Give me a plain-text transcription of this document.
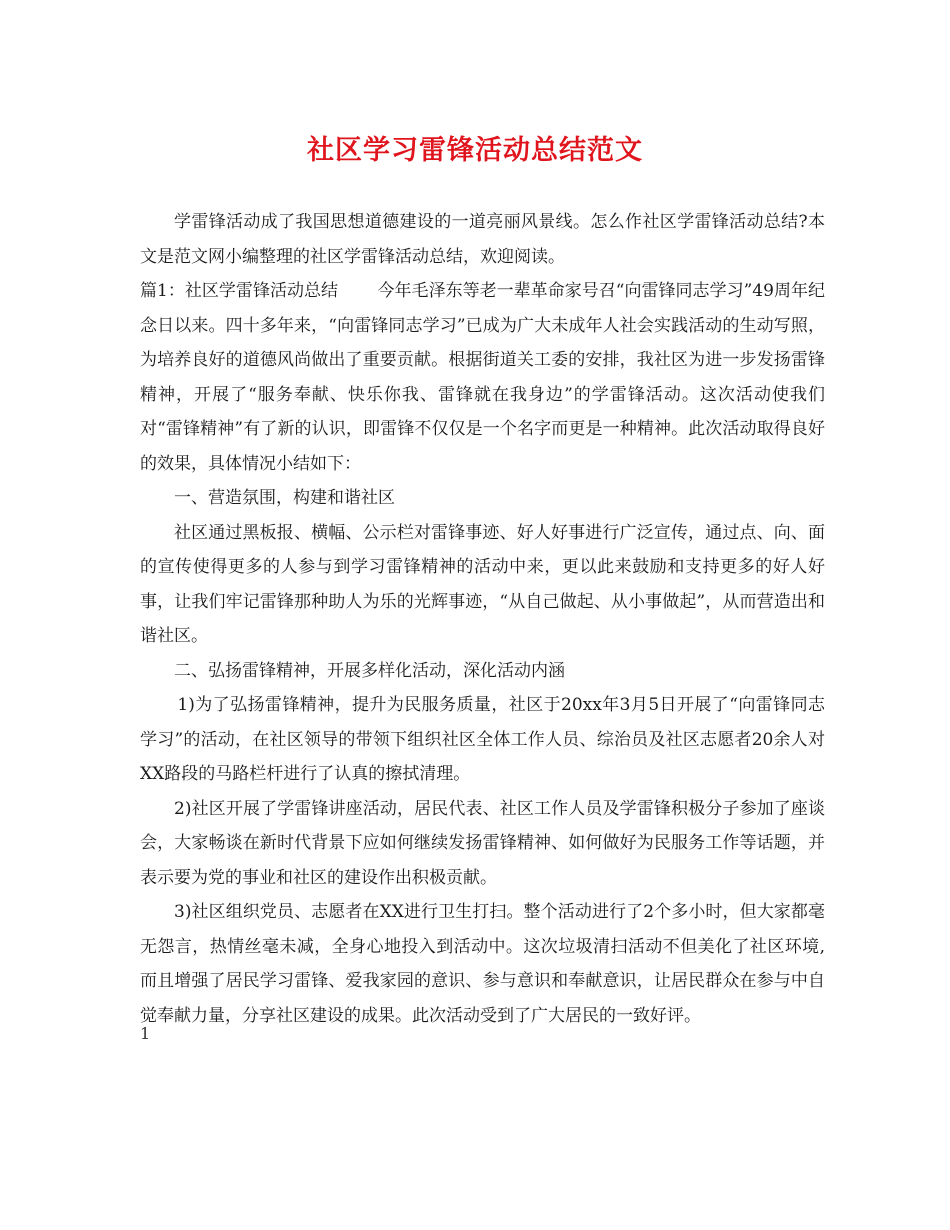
社区学习雷锋活动总结范文

学雷锋活动成了我国思想道德建设的一道亮丽风景线。怎么作社区学雷锋活动总结?本文是范文网小编整理的社区学雷锋活动总结，欢迎阅读。

篇1：社区学雷锋活动总结　　 今年毛泽东等老一辈革命家号召“向雷锋同志学习”49周年纪念日以来。四十多年来，“向雷锋同志学习”已成为广大未成年人社会实践活动的生动写照，为培养良好的道德风尚做出了重要贡献。根据街道关工委的安排，我社区为进一步发扬雷锋精神，开展了“服务奉献、快乐你我、雷锋就在我身边”的学雷锋活动。这次活动使我们对“雷锋精神”有了新的认识，即雷锋不仅仅是一个名字而更是一种精神。此次活动取得良好的效果，具体情况小结如下：

一、营造氛围，构建和谐社区

社区通过黑板报、横幅、公示栏对雷锋事迹、好人好事进行广泛宣传，通过点、向、面的宣传使得更多的人参与到学习雷锋精神的活动中来，更以此来鼓励和支持更多的好人好事，让我们牢记雷锋那种助人为乐的光辉事迹，“从自己做起、从小事做起”，从而营造出和谐社区。

二、弘扬雷锋精神，开展多样化活动，深化活动内涵

1)为了弘扬雷锋精神，提升为民服务质量，社区于20xx年3月5日开展了“向雷锋同志学习”的活动，在社区领导的带领下组织社区全体工作人员、综治员及社区志愿者20余人对XX路段的马路栏杆进行了认真的擦拭清理。

2)社区开展了学雷锋讲座活动，居民代表、社区工作人员及学雷锋积极分子参加了座谈会，大家畅谈在新时代背景下应如何继续发扬雷锋精神、如何做好为民服务工作等话题，并表示要为党的事业和社区的建设作出积极贡献。

3)社区组织党员、志愿者在XX进行卫生打扫。整个活动进行了2个多小时，但大家都毫无怨言，热情丝毫未减，全身心地投入到活动中。这次垃圾清扫活动不但美化了社区环境,而且增强了居民学习雷锋、爱我家园的意识、参与意识和奉献意识，让居民群众在参与中自觉奉献力量，分享社区建设的成果。此次活动受到了广大居民的一致好评。

1
